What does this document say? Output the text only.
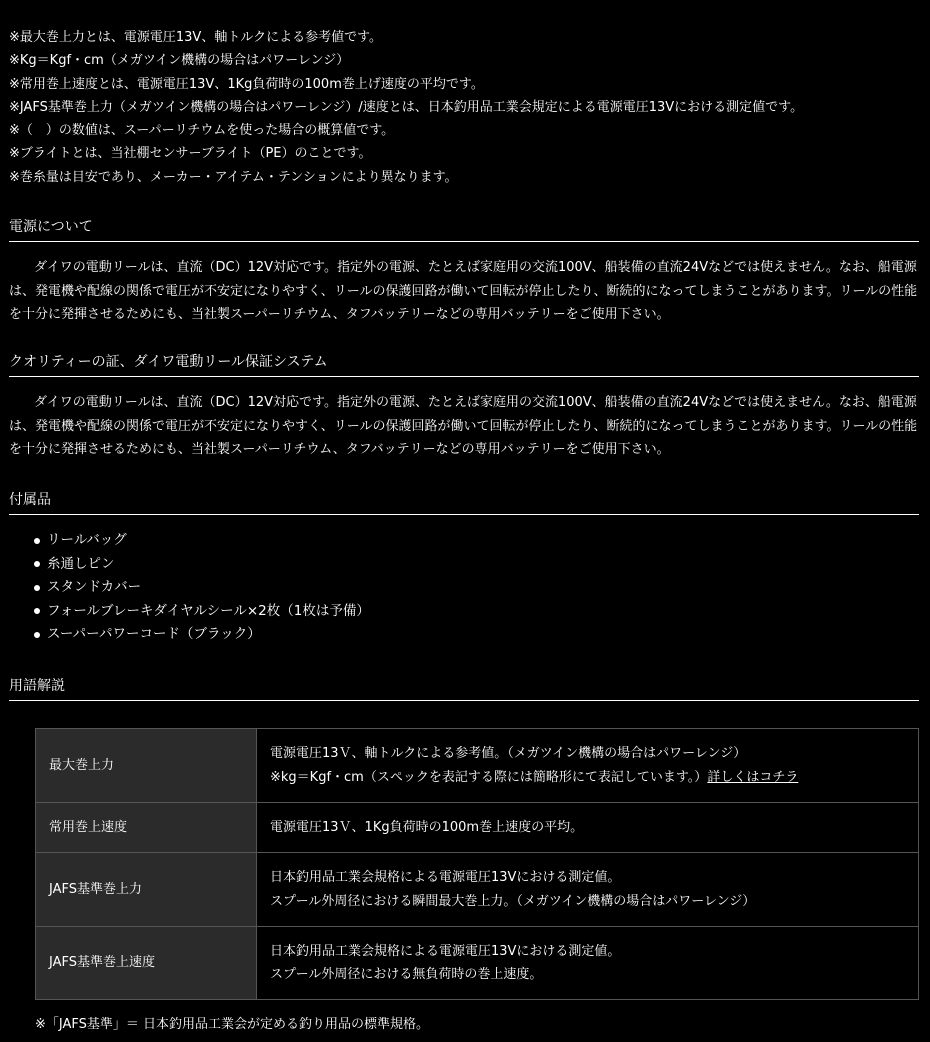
※最大巻上力とは、電源電圧13V、軸トルクによる参考値です。
※Kg＝Kgf・cm（メガツイン機構の場合はパワーレンジ）
※常用巻上速度とは、電源電圧13V、1Kg負荷時の100m巻上げ速度の平均です。
※JAFS基準巻上力（メガツイン機構の場合はパワーレンジ）/速度とは、日本釣用品工業会規定による電源電圧13Vにおける測定値です。
※（　）の数値は、スーパーリチウムを使った場合の概算値です。
※ブライトとは、当社棚センサーブライト（PE）のことです。
※巻糸量は目安であり、メーカー・アイテム・テンションにより異なります。
電源について
ダイワの電動リールは、直流（DC）12V対応です。指定外の電源、たとえば家庭用の交流100V、船装備の直流24Vなどでは使えません。なお、船電源は、発電機や配線の関係で電圧が不安定になりやすく、リールの保護回路が働いて回転が停止したり、断続的になってしまうことがあります。リールの性能を十分に発揮させるためにも、当社製スーパーリチウム、タフバッテリーなどの専用バッテリーをご使用下さい。
クオリティーの証、ダイワ電動リール保証システム
ダイワの電動リールは、直流（DC）12V対応です。指定外の電源、たとえば家庭用の交流100V、船装備の直流24Vなどでは使えません。なお、船電源は、発電機や配線の関係で電圧が不安定になりやすく、リールの保護回路が働いて回転が停止したり、断続的になってしまうことがあります。リールの性能を十分に発揮させるためにも、当社製スーパーリチウム、タフバッテリーなどの専用バッテリーをご使用下さい。
付属品
リールバッグ
糸通しピン
スタンドカバー
フォールブレーキダイヤルシール×2枚（1枚は予備）
スーパーパワーコード（ブラック）
用語解説
最大巻上力	電源電圧13Ｖ、軸トルクによる参考値。（メガツイン機構の場合はパワーレンジ）
※kg＝Kgf・cm（スペックを表記する際には簡略形にて表記しています。）詳しくはコチラ

常用巻上速度	電源電圧13Ｖ、1Kg負荷時の100m巻上速度の平均。

JAFS基準巻上力	日本釣用品工業会規格による電源電圧13Vにおける測定値。
スプール外周径における瞬間最大巻上力。（メガツイン機構の場合はパワーレンジ）

JAFS基準巻上速度	日本釣用品工業会規格による電源電圧13Vにおける測定値。
スプール外周径における無負荷時の巻上速度。
※「JAFS基準」＝ 日本釣用品工業会が定める釣り用品の標準規格。
